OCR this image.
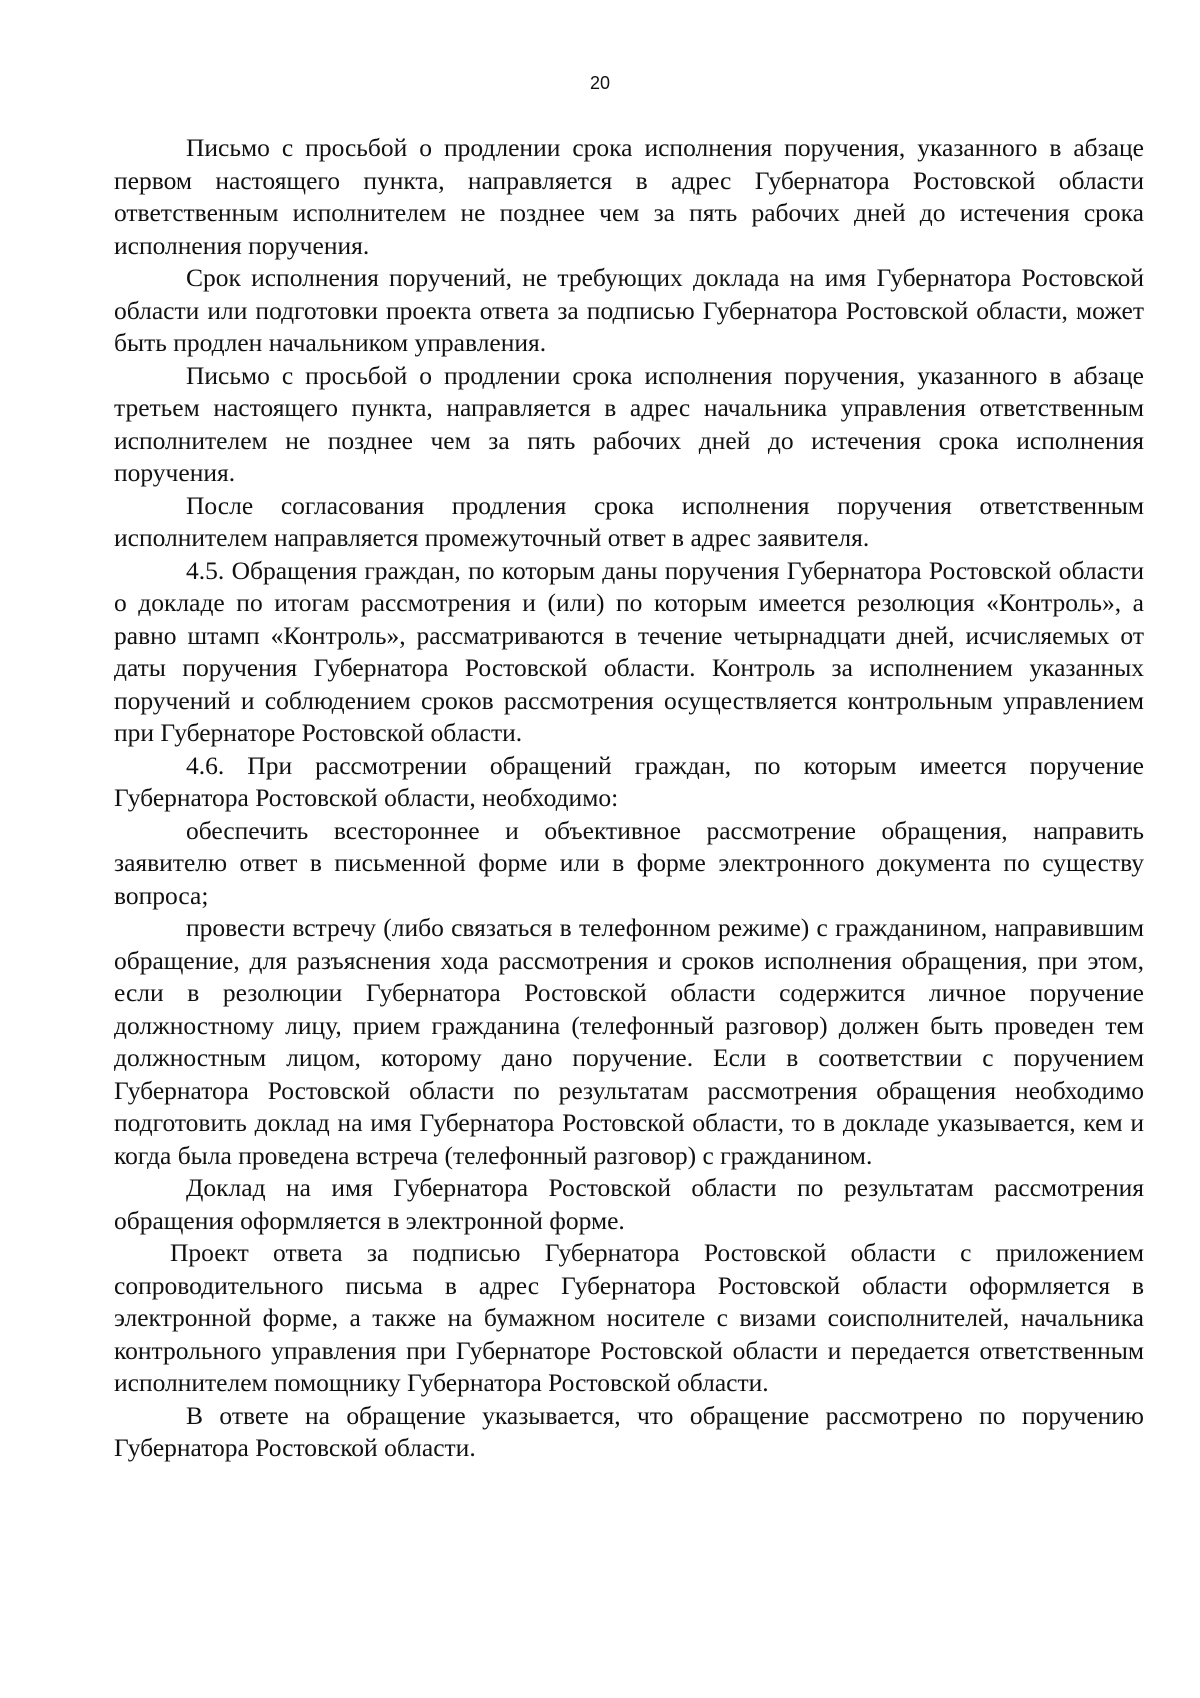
20

Письмо с просьбой о продлении срока исполнения поручения, указанного в абзаце первом настоящего пункта, направляется в адрес Губернатора Ростовской области ответственным исполнителем не позднее чем за пять рабочих дней до истечения срока исполнения поручения.

Срок исполнения поручений, не требующих доклада на имя Губернатора Ростовской области или подготовки проекта ответа за подписью Губернатора Ростовской области, может быть продлен начальником управления.

Письмо с просьбой о продлении срока исполнения поручения, указанного в абзаце третьем настоящего пункта, направляется в адрес начальника управления ответственным исполнителем не позднее чем за пять рабочих дней до истечения срока исполнения поручения.

После согласования продления срока исполнения поручения ответственным исполнителем направляется промежуточный ответ в адрес заявителя.

4.5. Обращения граждан, по которым даны поручения Губернатора Ростовской области о докладе по итогам рассмотрения и (или) по которым имеется резолюция «Контроль», а равно штамп «Контроль», рассматриваются в течение четырнадцати дней, исчисляемых от даты поручения Губернатора Ростовской области. Контроль за исполнением указанных поручений и соблюдением сроков рассмотрения осуществляется контрольным управлением при Губернаторе Ростовской области.

4.6. При рассмотрении обращений граждан, по которым имеется поручение Губернатора Ростовской области, необходимо:

обеспечить всестороннее и объективное рассмотрение обращения, направить заявителю ответ в письменной форме или в форме электронного документа по существу вопроса;

провести встречу (либо связаться в телефонном режиме) с гражданином, направившим обращение, для разъяснения хода рассмотрения и сроков исполнения обращения, при этом, если в резолюции Губернатора Ростовской области содержится личное поручение должностному лицу, прием гражданина (телефонный разговор) должен быть проведен тем должностным лицом, которому дано поручение. Если в соответствии с поручением Губернатора Ростовской области по результатам рассмотрения обращения необходимо подготовить доклад на имя Губернатора Ростовской области, то в докладе указывается, кем и когда была проведена встреча (телефонный разговор) с гражданином.

Доклад на имя Губернатора Ростовской области по результатам рассмотрения обращения оформляется в электронной форме.

Проект ответа за подписью Губернатора Ростовской области с приложением сопроводительного письма в адрес Губернатора Ростовской области оформляется в электронной форме, а также на бумажном носителе с визами соисполнителей, начальника контрольного управления при Губернаторе Ростовской области и передается ответственным исполнителем помощнику Губернатора Ростовской области.

В ответе на обращение указывается, что обращение рассмотрено по поручению Губернатора Ростовской области.
